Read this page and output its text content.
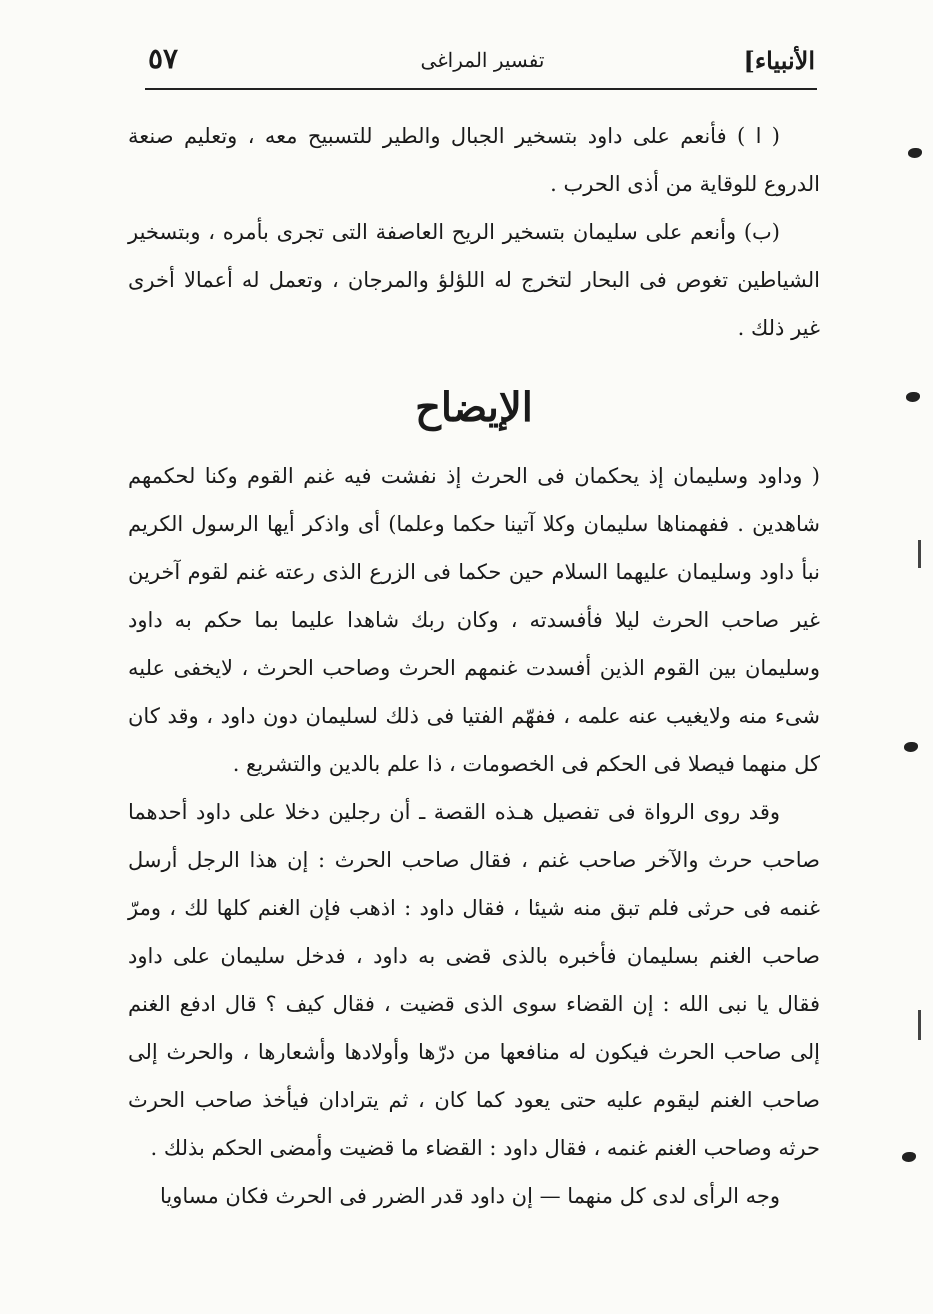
الأنبياء]
تفسير المراغى
٥٧

( ا ) فأنعم على داود بتسخير الجبال والطير للتسبيح معه ، وتعليم صنعة الدروع للوقاية من أذى الحرب .

(ب) وأنعم على سليمان بتسخير الريح العاصفة التى تجرى بأمره ، وبتسخير الشياطين تغوص فى البحار لتخرج له اللؤلؤ والمرجان ، وتعمل له أعمالا أخرى غير ذلك .

الإيضاح

( وداود وسليمان إذ يحكمان فى الحرث إذ نفشت فيه غنم القوم وكنا لحكمهم شاهدين . ففهمناها سليمان وكلا آتينا حكما وعلما) أى واذكر أيها الرسول الكريم نبأ داود وسليمان عليهما السلام حين حكما فى الزرع الذى رعته غنم لقوم آخرين غير صاحب الحرث ليلا فأفسدته ، وكان ربك شاهدا عليما بما حكم به داود وسليمان بين القوم الذين أفسدت غنمهم الحرث وصاحب الحرث ، لايخفى عليه شىء منه ولايغيب عنه علمه ، ففهّم الفتيا فى ذلك لسليمان دون داود ، وقد كان كل منهما فيصلا فى الحكم فى الخصومات ، ذا علم بالدين والتشريع .

وقد روى الرواة فى تفصيل هـذه القصة ـ أن رجلين دخلا على داود أحدهما صاحب حرث والآخر صاحب غنم ، فقال صاحب الحرث : إن هذا الرجل أرسل غنمه فى حرثى فلم تبق منه شيئا ، فقال داود : اذهب فإن الغنم كلها لك ، ومرّ صاحب الغنم بسليمان فأخبره بالذى قضى به داود ، فدخل سليمان على داود فقال يا نبى الله : إن القضاء سوى الذى قضيت ، فقال كيف ؟ قال ادفع الغنم إلى صاحب الحرث فيكون له منافعها من درّها وأولادها وأشعارها ، والحرث إلى صاحب الغنم ليقوم عليه حتى يعود كما كان ، ثم يترادان فيأخذ صاحب الحرث حرثه وصاحب الغنم غنمه ، فقال داود : القضاء ما قضيت وأمضى الحكم بذلك .

وجه الرأى لدى كل منهما — إن داود قدر الضرر فى الحرث فكان مساويا
